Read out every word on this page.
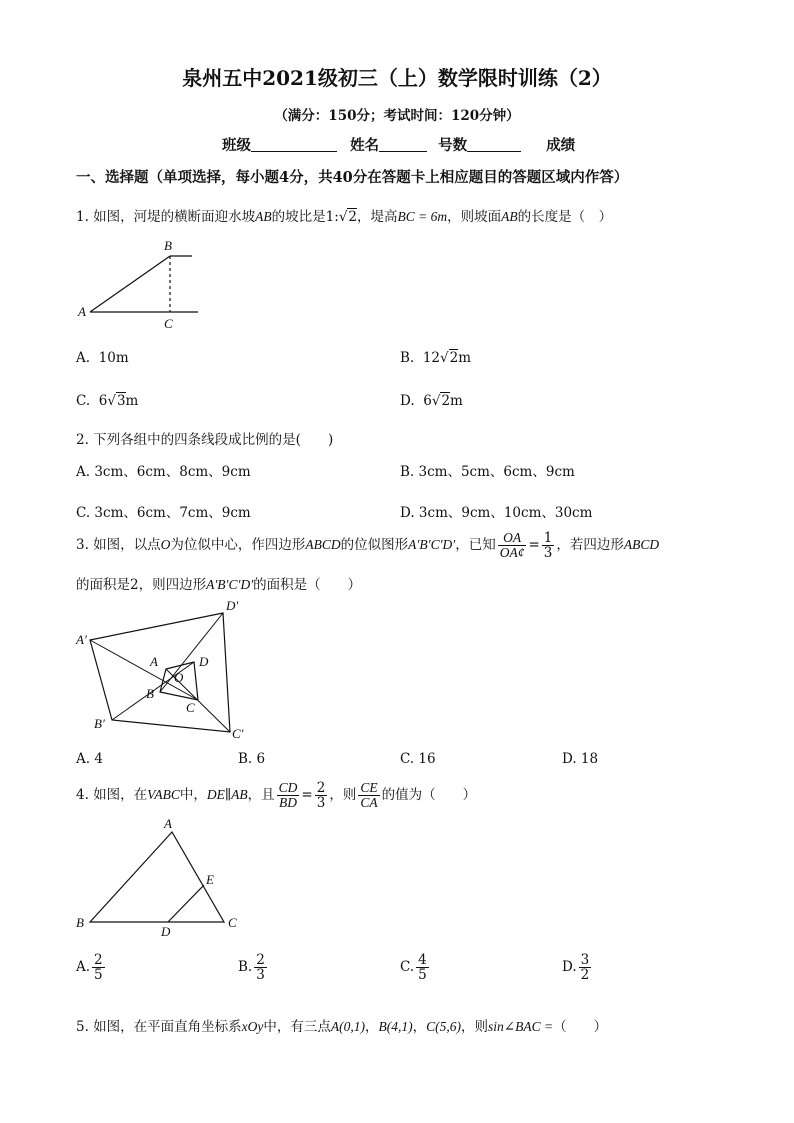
泉州五中2021级初三（上）数学限时训练（2）
（满分：150分；考试时间：120分钟）
班级	姓名	号数	成绩
一、选择题（单项选择，每小题4分，共40分在答题卡上相应题目的答题区域内作答）
1. 如图，河堤的横断面迎水坡AB的坡比是1:√2，堤高BC = 6m，则坡面AB的长度是（　）
B
A
C
A. 10m	B. 12√2m
C. 6√3m	D. 6√2m
2. 下列各组中的四条线段成比例的是(　　)
A. 3cm、6cm、8cm、9cm	B. 3cm、5cm、6cm、9cm
C. 3cm、6cm、7cm、9cm	D. 3cm、9cm、10cm、30cm
3. 如图，以点O为位似中心，作四边形ABCD的位似图形A′B′C′D′，已知 $\frac{OA}{OA¢} = \frac{1}{3}$ ，若四边形ABCD
的面积是2，则四边形A′B′C′D′的面积是（　　）
A′
D′
B′
C′
A	D
B
C
O
A. 4	B. 6	C. 16	D. 18
4. 如图，在VABC中，DE∥AB，且 $\frac{CD}{BD} = \frac{2}{3}$ ，则 $\frac{CE}{CA}$ 的值为（　　）
A
B	C
D
E
A. $\frac{2}{5}$	B. $\frac{2}{3}$	C. $\frac{4}{5}$	D. $\frac{3}{2}$
5. 如图，在平面直角坐标系xOy中，有三点A(0,1)，B(4,1)，C(5,6)，则sin∠BAC =（　　）
